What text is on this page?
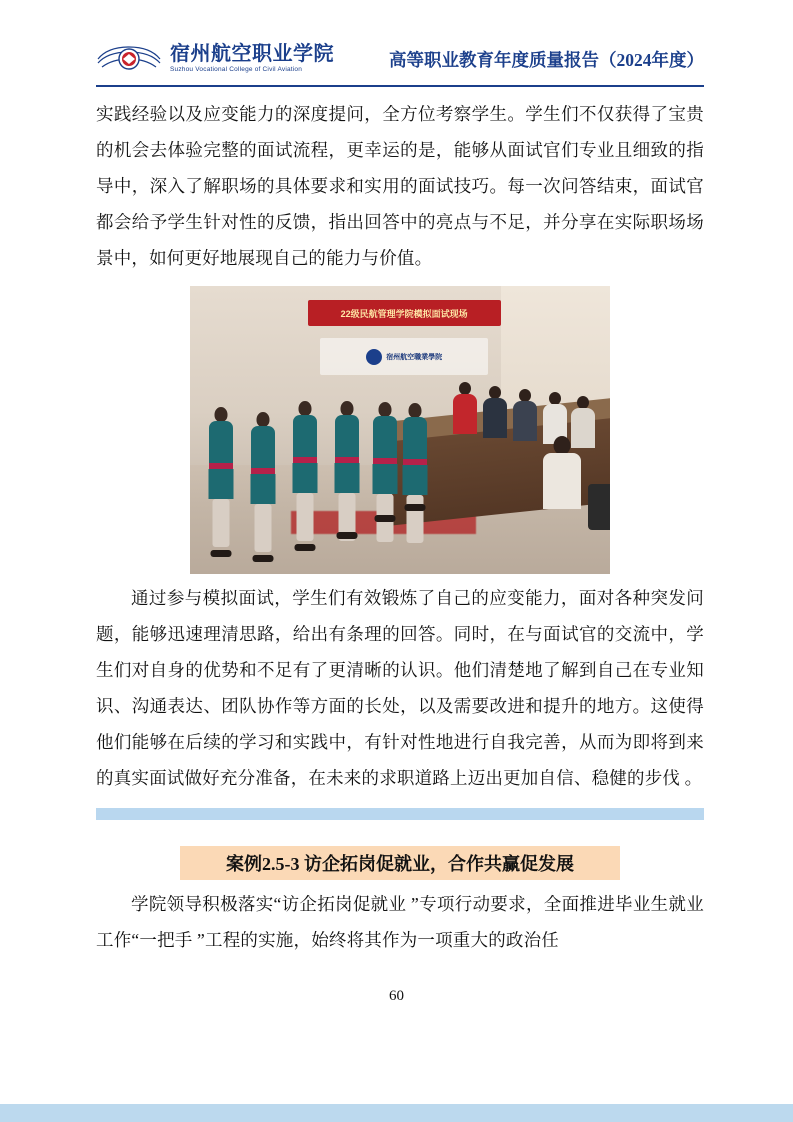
宿州航空职业学院
Suzhou Vocational College of Civil Aviation
高等职业教育年度质量报告（2024年度）

实践经验以及应变能力的深度提问，全方位考察学生。学生们不仅获得了宝贵的机会去体验完整的面试流程，更幸运的是，能够从面试官们专业且细致的指导中，深入了解职场的具体要求和实用的面试技巧。每一次问答结束，面试官都会给予学生针对性的反馈，指出回答中的亮点与不足，并分享在实际职场场景中，如何更好地展现自己的能力与价值。

22级民航管理学院模拟面试现场
宿州航空職業學院

通过参与模拟面试，学生们有效锻炼了自己的应变能力，面对各种突发问题，能够迅速理清思路，给出有条理的回答。同时，在与面试官的交流中，学生们对自身的优势和不足有了更清晰的认识。他们清楚地了解到自己在专业知识、沟通表达、团队协作等方面的长处，以及需要改进和提升的地方。这使得他们能够在后续的学习和实践中，有针对性地进行自我完善，从而为即将到来的真实面试做好充分准备，在未来的求职道路上迈出更加自信、稳健的步伐 。

案例2.5-3 访企拓岗促就业，合作共赢促发展

学院领导积极落实“访企拓岗促就业 ”专项行动要求，全面推进毕业生就业工作“一把手 ”工程的实施，始终将其作为一项重大的政治任

60
